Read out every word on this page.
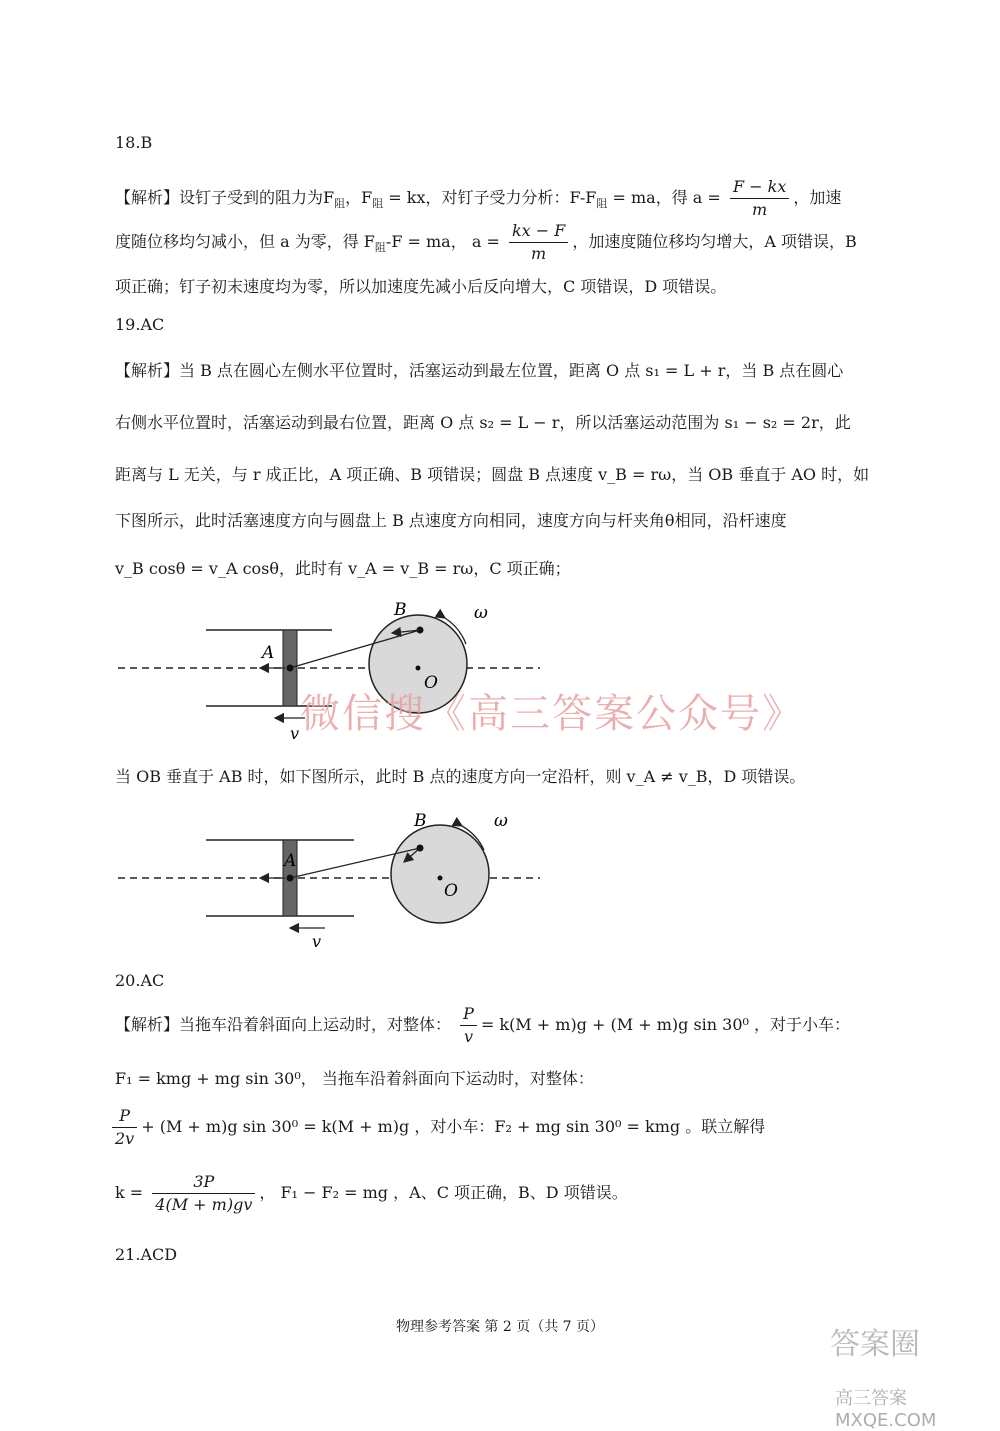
18.B
【解析】设钉子受到的阻力为$F_阻$，$F_阻$ = kx，对钉子受力分析：$F-F_阻$ = ma，得 $a = \frac{F - kx}{m}$ ，加速
度随位移均匀减小，但 a 为零，得 $F_阻-F$ = ma， $a = \frac{kx - F}{m}$ ，加速度随位移均匀增大，A 项错误，B
项正确；钉子初末速度均为零，所以加速度先减小后反向增大，C 项错误，D 项错误。
19.AC
【解析】当 B 点在圆心左侧水平位置时，活塞运动到最左位置，距离 O 点 s₁ = L + r，当 B 点在圆心
右侧水平位置时，活塞运动到最右位置，距离 O 点 s₂ = L − r，所以活塞运动范围为 s₁ − s₂ = 2r，此
距离与 L 无关，与 r 成正比，A 项正确、B 项错误；圆盘 B 点速度 v_B = rω，当 OB 垂直于 AO 时，如
下图所示，此时活塞速度方向与圆盘上 B 点速度方向相同，速度方向与杆夹角θ相同，沿杆速度
v_B cosθ = v_A cosθ，此时有 v_A = v_B = rω，C 项正确；
B
A
O
ω
v 微信搜《高三答案公众号》
当 OB 垂直于 AB 时，如下图所示，此时 B 点的速度方向一定沿杆，则 v_A ≠ v_B，D 项错误。
B
A
O
ω
v
20.AC
【解析】当拖车沿着斜面向上运动时，对整体： $\frac{P}{v} = k(M + m)g + (M + m)g$ sin 30⁰ ，对于小车：
F₁ = kmg + mg sin 30⁰， 当拖车沿着斜面向下运动时，对整体：
$\frac{P}{2v} + (M + m)g$ sin 30⁰ = k(M + m)g ，对小车：F₂ + mg sin 30⁰ = kmg 。联立解得
$k = \frac{3P}{4(M + m)gv}$ ， F₁ − F₂ = mg ，A、C 项正确，B、D 项错误。
21.ACD
物理参考答案 第 2 页（共 7 页）	答案圈
高三答案 MXQE.COM
